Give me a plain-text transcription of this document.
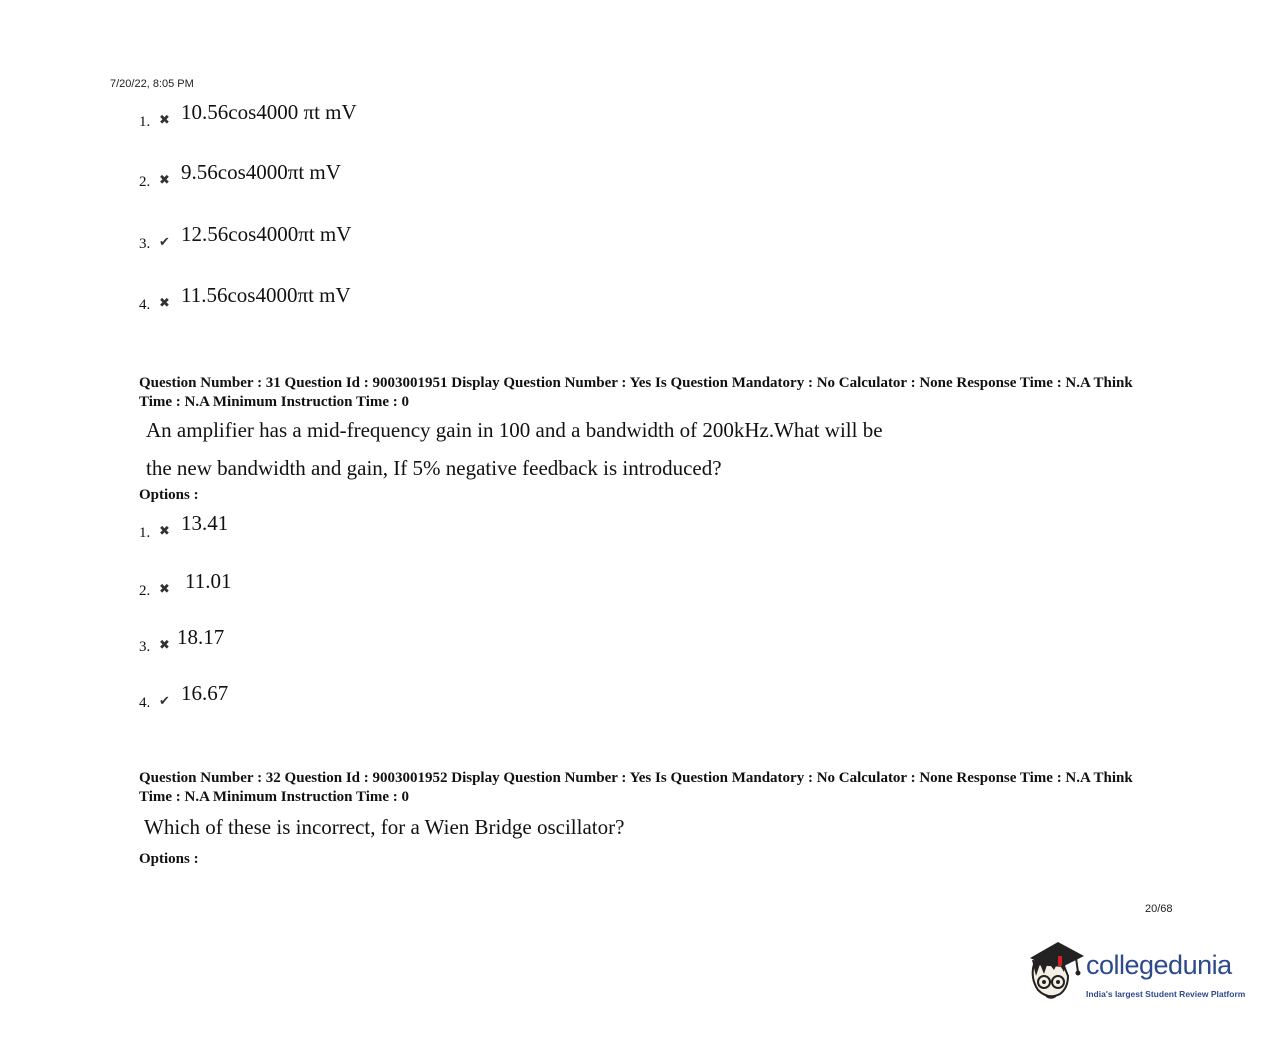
7/20/22, 8:05 PM
1. ✖ 10.56cos4000 πt mV
2. ✖ 9.56cos4000πt mV
3. ✔ 12.56cos4000πt mV
4. ✖ 11.56cos4000πt mV
Question Number : 31 Question Id : 9003001951 Display Question Number : Yes Is Question Mandatory : No Calculator : None Response Time : N.A Think Time : N.A Minimum Instruction Time : 0
An amplifier has a mid-frequency gain in 100 and a bandwidth of 200kHz.What will be
the new bandwidth and gain, If 5% negative feedback is introduced?
Options :
1. ✖ 13.41
2. ✖ 11.01
3. ✖ 18.17
4. ✔ 16.67
Question Number : 32 Question Id : 9003001952 Display Question Number : Yes Is Question Mandatory : No Calculator : None Response Time : N.A Think Time : N.A Minimum Instruction Time : 0
Which of these is incorrect, for a Wien Bridge oscillator?
Options :
20/68
collegedunia
India's largest Student Review Platform
